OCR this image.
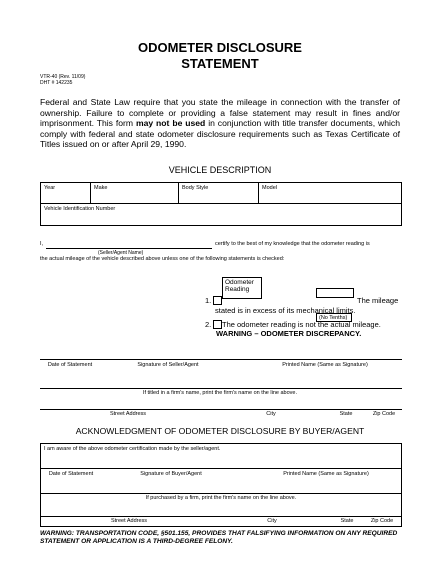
ODOMETER DISCLOSURE
STATEMENT
VTR-40 (Rev. 11/09)
DHT # 142235
Federal and State Law require that you state the mileage in connection with the transfer of ownership. Failure to complete or providing a false statement may result in fines and/or imprisonment. This form may not be used in conjunction with title transfer documents, which comply with federal and state odometer disclosure requirements such as Texas Certificate of Titles issued on or after April 29, 1990.
VEHICLE DESCRIPTION
Year	Make	Body Style	Model
Vehicle Identification Number
I,	certify to the best of my knowledge that the odometer reading is
(Seller/Agent Name)
the actual mileage of the vehicle described above unless one of the following statements is checked:
Odometer Reading
(No Tenths)
1.	The mileage
stated is in excess of its mechanical limits.
2. The odometer reading is not the actual mileage.
WARNING – ODOMETER DISCREPANCY.
Date of Statement	Signature of Seller/Agent	Printed Name (Same as Signature)
If titled in a firm's name, print the firm's name on the line above.
Street Address	City	State	Zip Code
ACKNOWLEDGMENT OF ODOMETER DISCLOSURE BY BUYER/AGENT
I am aware of the above odometer certification made by the seller/agent.
Date of Statement	Signature of Buyer/Agent	Printed Name (Same as Signature)
If purchased by a firm, print the firm's name on the line above.
Street Address	City	State	Zip Code
WARNING: TRANSPORTATION CODE, §501.155, PROVIDES THAT FALSIFYING INFORMATION ON ANY REQUIRED STATEMENT OR APPLICATION IS A THIRD-DEGREE FELONY.
